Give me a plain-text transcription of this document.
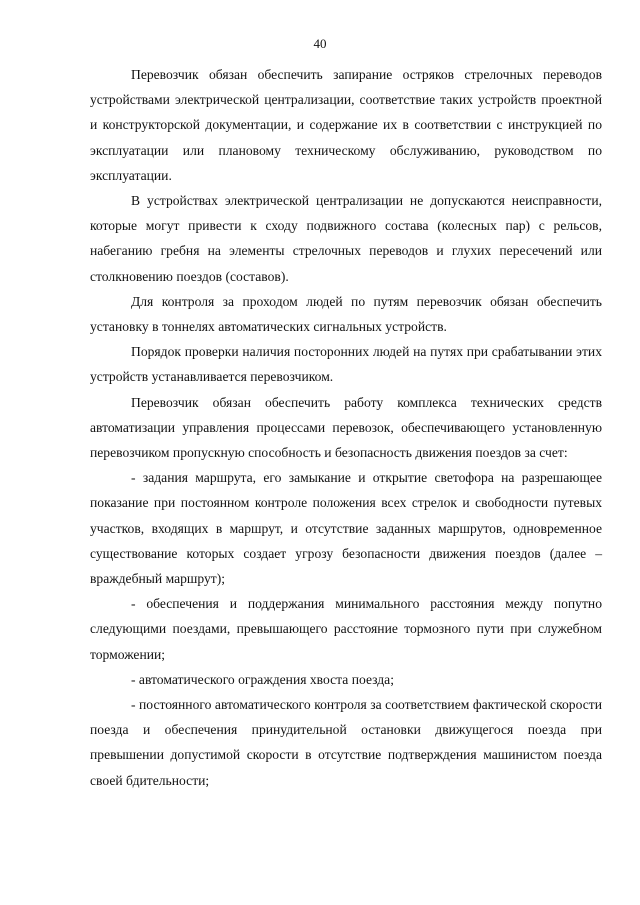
40

Перевозчик обязан обеспечить запирание остряков стрелочных переводов устройствами электрической централизации, соответствие таких устройств проектной и конструкторской документации, и содержание их в соответствии с инструкцией по эксплуатации или плановому техническому обслуживанию, руководством по эксплуатации.

В устройствах электрической централизации не допускаются неисправности, которые могут привести к сходу подвижного состава (колесных пар) с рельсов, набеганию гребня на элементы стрелочных переводов и глухих пересечений или столкновению поездов (составов).

Для контроля за проходом людей по путям перевозчик обязан обеспечить установку в тоннелях автоматических сигнальных устройств.

Порядок проверки наличия посторонних людей на путях при срабатывании этих устройств устанавливается перевозчиком.

Перевозчик обязан обеспечить работу комплекса технических средств автоматизации управления процессами перевозок, обеспечивающего установленную перевозчиком пропускную способность и безопасность движения поездов за счет:

- задания маршрута, его замыкание и открытие светофора на разрешающее показание при постоянном контроле положения всех стрелок и свободности путевых участков, входящих в маршрут, и отсутствие заданных маршрутов, одновременное существование которых создает угрозу безопасности движения поездов (далее – враждебный маршрут);

- обеспечения и поддержания минимального расстояния между попутно следующими поездами, превышающего расстояние тормозного пути при служебном торможении;

- автоматического ограждения хвоста поезда;

- постоянного автоматического контроля за соответствием фактической скорости поезда и обеспечения принудительной остановки движущегося поезда при превышении допустимой скорости в отсутствие подтверждения машинистом поезда своей бдительности;
